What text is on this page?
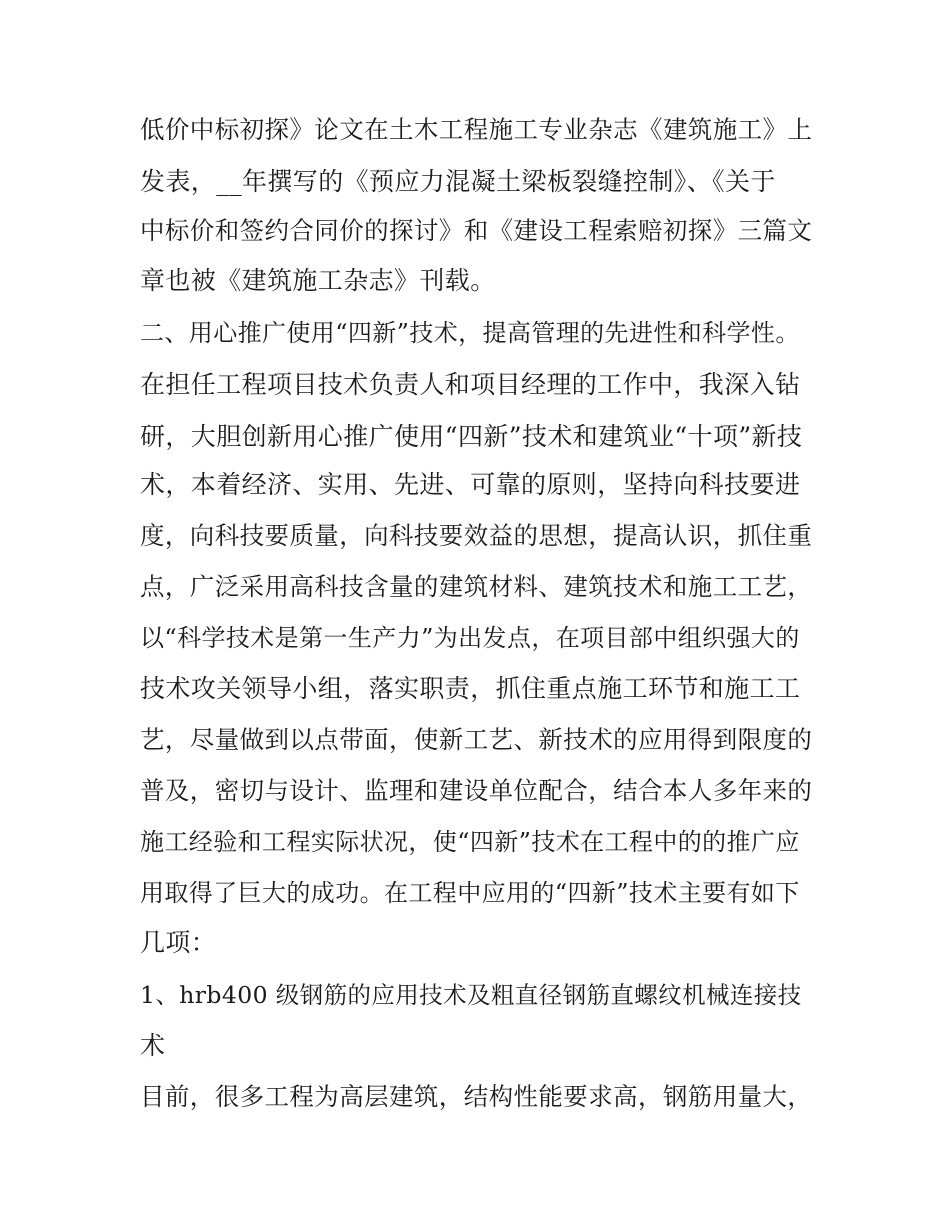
低价中标初探》论文在土木工程施工专业杂志《建筑施工》上
发表，__年撰写的《预应力混凝土梁板裂缝控制》、《关于
中标价和签约合同价的探讨》和《建设工程索赔初探》三篇文
章也被《建筑施工杂志》刊载。
二、用心推广使用“四新”技术，提高管理的先进性和科学性。
在担任工程项目技术负责人和项目经理的工作中，我深入钻
研，大胆创新用心推广使用“四新”技术和建筑业“十项”新技
术，本着经济、实用、先进、可靠的原则，坚持向科技要进
度，向科技要质量，向科技要效益的思想，提高认识，抓住重
点，广泛采用高科技含量的建筑材料、建筑技术和施工工艺，
以“科学技术是第一生产力”为出发点，在项目部中组织强大的
技术攻关领导小组，落实职责，抓住重点施工环节和施工工
艺，尽量做到以点带面，使新工艺、新技术的应用得到限度的
普及，密切与设计、监理和建设单位配合，结合本人多年来的
施工经验和工程实际状况，使“四新”技术在工程中的的推广应
用取得了巨大的成功。在工程中应用的“四新”技术主要有如下
几项：
1、hrb400 级钢筋的应用技术及粗直径钢筋直螺纹机械连接技
术
目前，很多工程为高层建筑，结构性能要求高，钢筋用量大，
